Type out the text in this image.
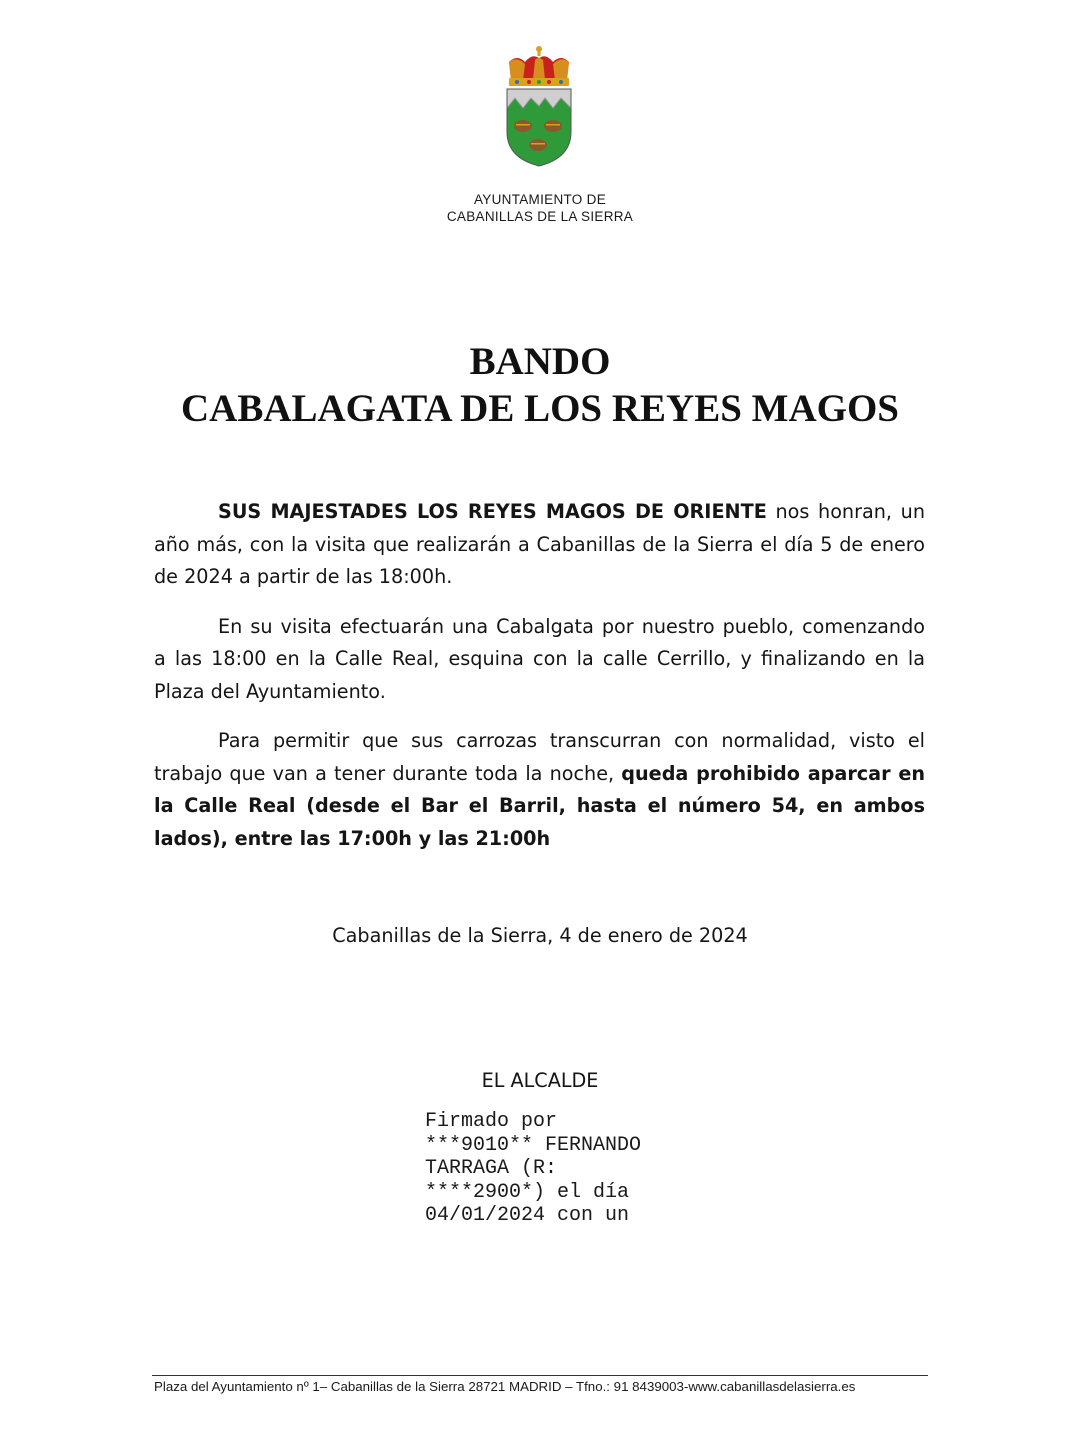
AYUNTAMIENTO DE
CABANILLAS DE LA SIERRA
BANDO
CABALAGATA DE LOS REYES MAGOS

SUS MAJESTADES LOS REYES MAGOS DE ORIENTE nos honran, un año más, con la visita que realizarán a Cabanillas de la Sierra el día 5 de enero de 2024 a partir de las 18:00h.

En su visita efectuarán una Cabalgata por nuestro pueblo, comenzando a las 18:00 en la Calle Real, esquina con la calle Cerrillo, y finalizando en la Plaza del Ayuntamiento.

Para permitir que sus carrozas transcurran con normalidad, visto el trabajo que van a tener durante toda la noche, queda prohibido aparcar en la Calle Real (desde el Bar el Barril, hasta el número 54, en ambos lados), entre las 17:00h y las 21:00h

Cabanillas de la Sierra, 4 de enero de 2024
EL ALCALDE
Firmado por
***9010** FERNANDO
TARRAGA (R:
****2900*) el día
04/01/2024 con un
Plaza del Ayuntamiento nº 1– Cabanillas de la Sierra 28721 MADRID – Tfno.: 91 8439003-www.cabanillasdelasierra.es
